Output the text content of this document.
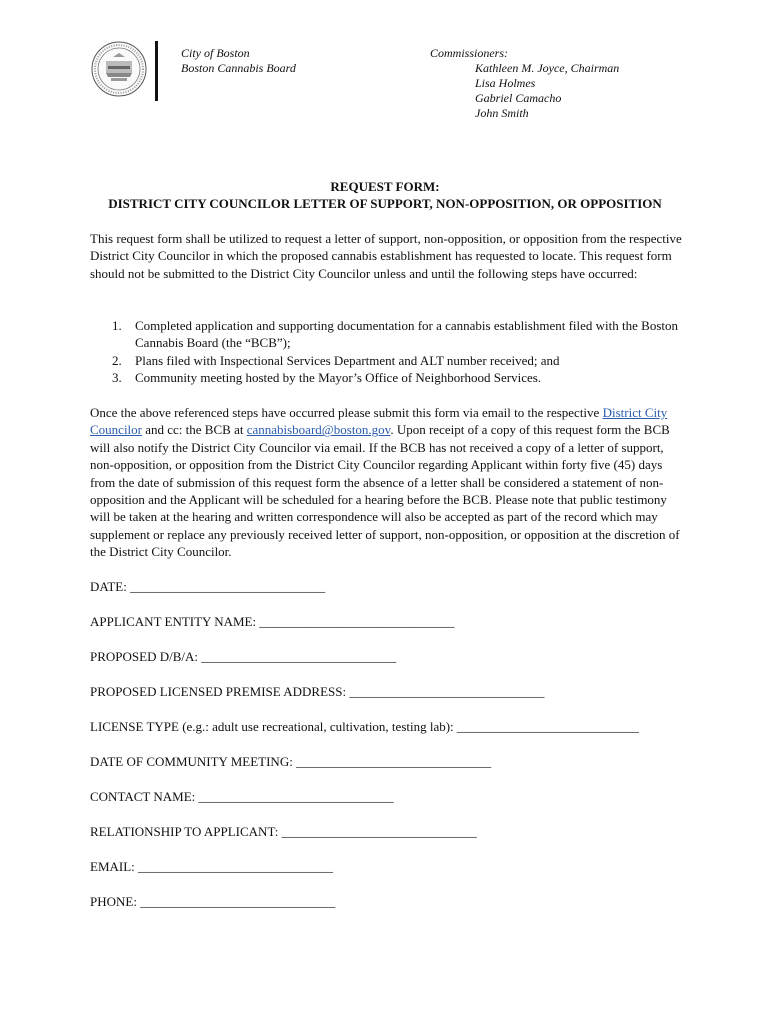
City of Boston
Boston Cannabis Board
Commissioners:
Kathleen M. Joyce, Chairman
Lisa Holmes
Gabriel Camacho
John Smith
REQUEST FORM:
DISTRICT CITY COUNCILOR LETTER OF SUPPORT, NON-OPPOSITION, OR OPPOSITION
This request form shall be utilized to request a letter of support, non-opposition, or opposition from the respective District City Councilor in which the proposed cannabis establishment has requested to locate. This request form should not be submitted to the District City Councilor unless and until the following steps have occurred:
1. Completed application and supporting documentation for a cannabis establishment filed with the Boston Cannabis Board (the “BCB”);
2. Plans filed with Inspectional Services Department and ALT number received; and
3. Community meeting hosted by the Mayor’s Office of Neighborhood Services.
Once the above referenced steps have occurred please submit this form via email to the respective District City Councilor and cc: the BCB at cannabisboard@boston.gov. Upon receipt of a copy of this request form the BCB will also notify the District City Councilor via email. If the BCB has not received a copy of a letter of support, non-opposition, or opposition from the District City Councilor regarding Applicant within forty five (45) days from the date of submission of this request form the absence of a letter shall be considered a statement of non-opposition and the Applicant will be scheduled for a hearing before the BCB. Please note that public testimony will be taken at the hearing and written correspondence will also be accepted as part of the record which may supplement or replace any previously received letter of support, non-opposition, or opposition at the discretion of the District City Councilor.
DATE: ______________________________
APPLICANT ENTITY NAME: ______________________________
PROPOSED D/B/A: ______________________________
PROPOSED LICENSED PREMISE ADDRESS: ______________________________
LICENSE TYPE (e.g.: adult use recreational, cultivation, testing lab): ____________________________
DATE OF COMMUNITY MEETING: ______________________________
CONTACT NAME: ______________________________
RELATIONSHIP TO APPLICANT: ______________________________
EMAIL: ______________________________
PHONE: ______________________________
